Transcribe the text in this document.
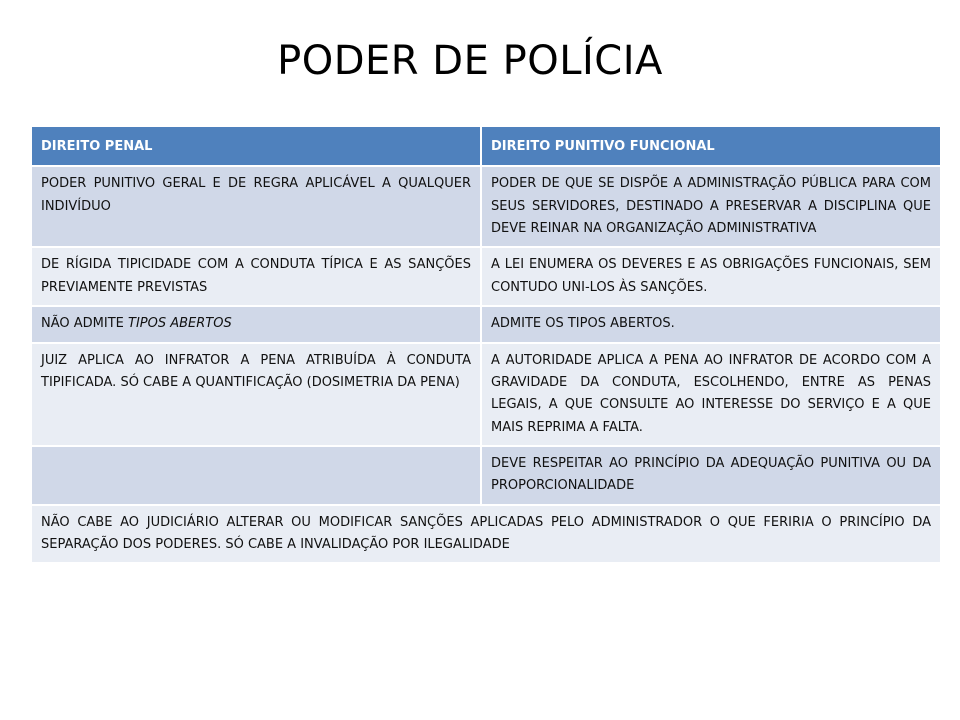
PODER DE POLÍCIA
DIREITO PENAL	DIREITO PUNITIVO FUNCIONAL
PODER PUNITIVO GERAL E DE REGRA APLICÁVEL A QUALQUER INDIVÍDUO	PODER DE QUE SE DISPÕE A ADMINISTRAÇÃO PÚBLICA PARA COM SEUS SERVIDORES, DESTINADO A PRESERVAR A DISCIPLINA QUE DEVE REINAR NA ORGANIZAÇÃO ADMINISTRATIVA
DE RÍGIDA TIPICIDADE COM A CONDUTA TÍPICA E AS SANÇÕES PREVIAMENTE PREVISTAS	A LEI ENUMERA OS DEVERES E AS OBRIGAÇÕES FUNCIONAIS, SEM CONTUDO UNI-LOS ÀS SANÇÕES.
NÃO ADMITE TIPOS ABERTOS	ADMITE OS TIPOS ABERTOS.
JUIZ APLICA AO INFRATOR A PENA ATRIBUÍDA À CONDUTA TIPIFICADA. SÓ CABE A QUANTIFICAÇÃO (DOSIMETRIA DA PENA)	A AUTORIDADE APLICA A PENA AO INFRATOR DE ACORDO COM A GRAVIDADE DA CONDUTA, ESCOLHENDO, ENTRE AS PENAS LEGAIS, A QUE CONSULTE AO INTERESSE DO SERVIÇO E A QUE MAIS REPRIMA A FALTA.
	DEVE RESPEITAR AO PRINCÍPIO DA ADEQUAÇÃO PUNITIVA OU DA PROPORCIONALIDADE
NÃO CABE AO JUDICIÁRIO ALTERAR OU MODIFICAR SANÇÕES APLICADAS PELO ADMINISTRADOR O QUE FERIRIA O PRINCÍPIO DA SEPARAÇÃO DOS PODERES. SÓ CABE A INVALIDAÇÃO POR ILEGALIDADE	
